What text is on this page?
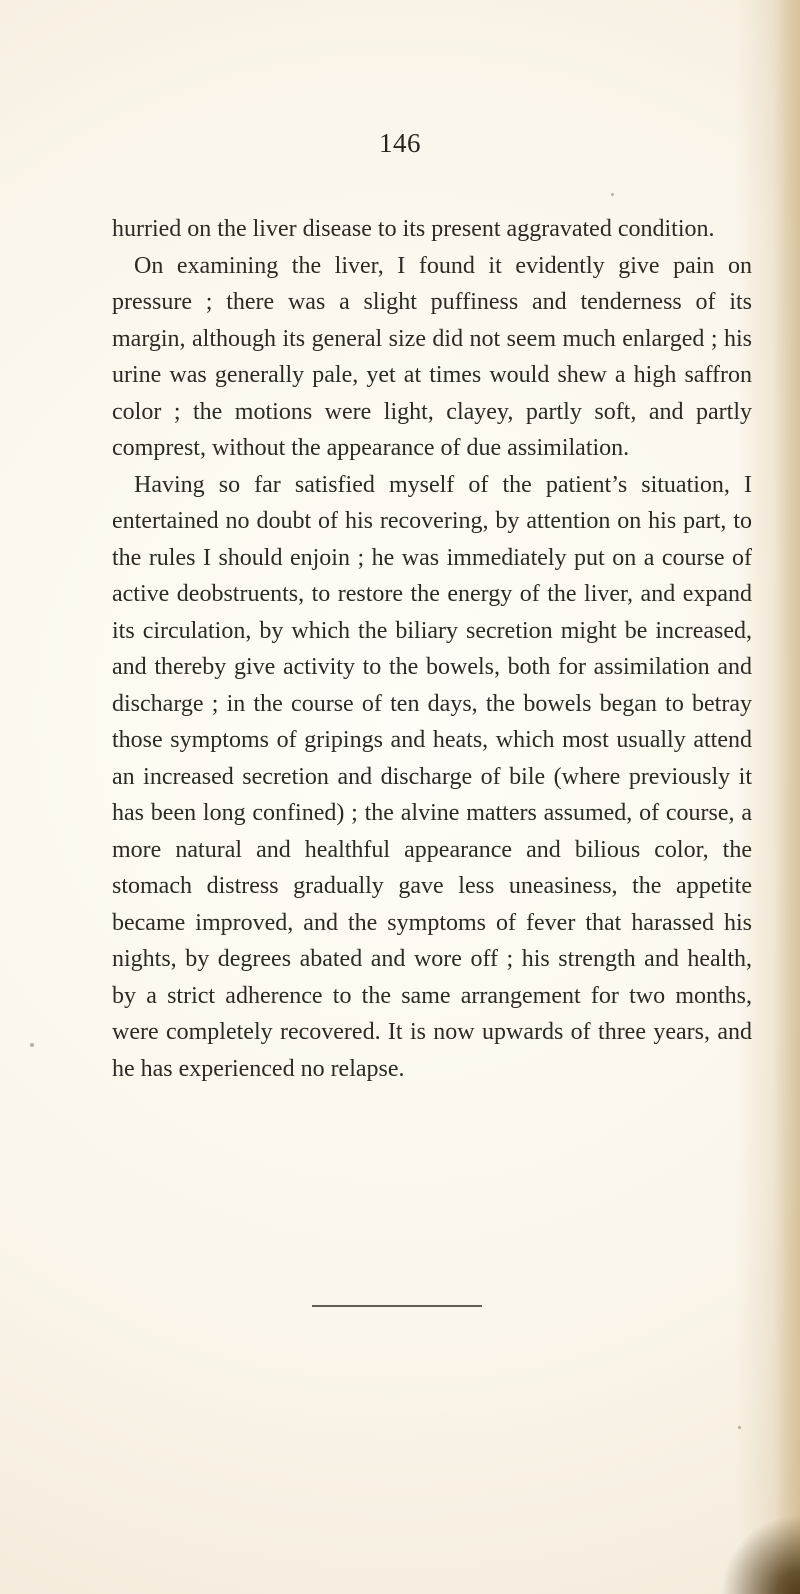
146

hurried on the liver disease to its present aggravated condition.

On examining the liver, I found it evidently give pain on pressure ; there was a slight puffiness and tenderness of its margin, although its general size did not seem much enlarged ; his urine was generally pale, yet at times would shew a high saffron color ; the motions were light, clayey, partly soft, and partly comprest, without the appearance of due assimilation.

Having so far satisfied myself of the patient’s situation, I entertained no doubt of his recovering, by attention on his part, to the rules I should enjoin ; he was immediately put on a course of active deobstruents, to restore the energy of the liver, and expand its circulation, by which the biliary secretion might be increased, and thereby give activity to the bowels, both for assimilation and discharge ; in the course of ten days, the bowels began to betray those symptoms of gripings and heats, which most usually attend an increased secretion and discharge of bile (where previously it has been long confined) ; the alvine matters assumed, of course, a more natural and healthful appearance and bilious color, the stomach distress gradually gave less uneasiness, the appetite became improved, and the symptoms of fever that harassed his nights, by degrees abated and wore off ; his strength and health, by a strict adherence to the same arrangement for two months, were completely recovered. It is now upwards of three years, and he has experienced no relapse.
